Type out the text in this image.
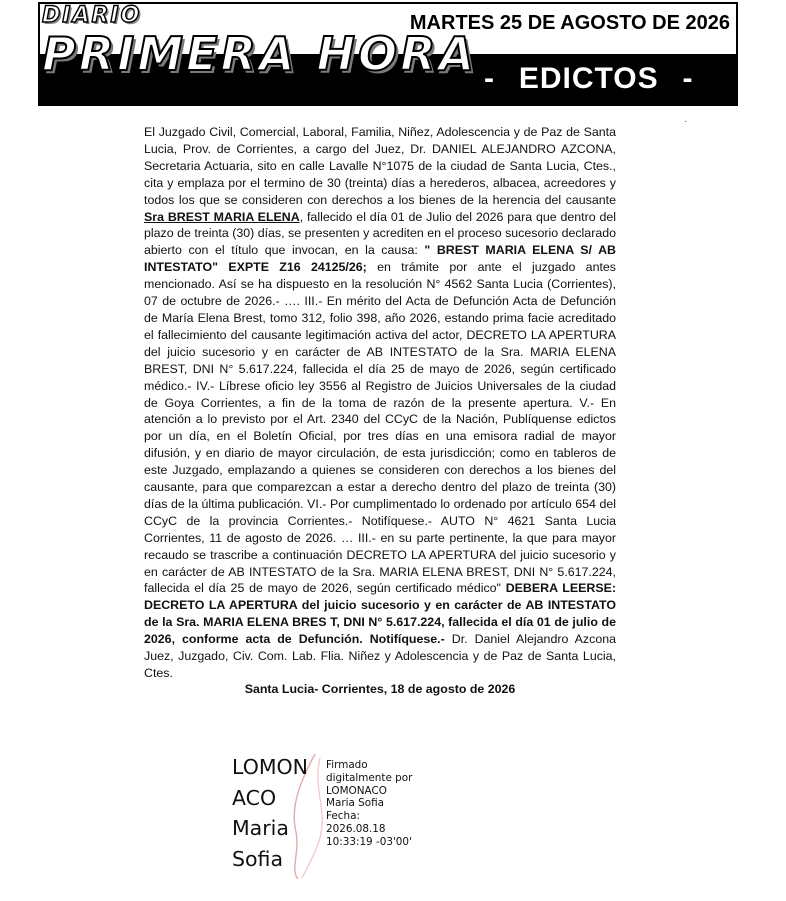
DIARIO
PRIMERA HORA
MARTES 25 DE AGOSTO DE 2026
- EDICTOS -
·

El Juzgado Civil, Comercial, Laboral, Familia, Niñez, Adolescencia y de Paz de Santa Lucia, Prov. de Corrientes, a cargo del Juez, Dr. DANIEL ALEJANDRO AZCONA, Secretaria Actuaria, sito en calle Lavalle N°1075 de la ciudad de Santa Lucia, Ctes., cita y emplaza por el termino de 30 (treinta) días a herederos, albacea, acreedores y todos los que se consideren con derechos a los bienes de la herencia del causante Sra BREST MARIA ELENA, fallecido el día 01 de Julio del 2026 para que dentro del plazo de treinta (30) días, se presenten y acrediten en el proceso sucesorio declarado abierto con el título que invocan, en la causa: " BREST MARIA ELENA S/ AB INTESTATO" EXPTE Z16 24125/26; en trámite por ante el juzgado antes mencionado. Así se ha dispuesto en la resolución N° 4562 Santa Lucia (Corrientes), 07 de octubre de 2026.- …. III.- En mérito del Acta de Defunción Acta de Defunción de María Elena Brest, tomo 312, folio 398, año 2026, estando prima facie acreditado el fallecimiento del causante legitimación activa del actor, DECRETO LA APERTURA del juicio sucesorio y en carácter de AB INTESTATO de la Sra. MARIA ELENA BREST, DNI N° 5.617.224, fallecida el día 25 de mayo de 2026, según certificado médico.- IV.- Líbrese oficio ley 3556 al Registro de Juicios Universales de la ciudad de Goya Corrientes, a fin de la toma de razón de la presente apertura. V.- En atención a lo previsto por el Art. 2340 del CCyC de la Nación, Publíquense edictos por un día, en el Boletín Oficial, por tres días en una emisora radial de mayor difusión, y en diario de mayor circulación, de esta jurisdicción; como en tableros de este Juzgado, emplazando a quienes se consideren con derechos a los bienes del causante, para que comparezcan a estar a derecho dentro del plazo de treinta (30) días de la última publicación. VI.- Por cumplimentado lo ordenado por artículo 654 del CCyC de la provincia Corrientes.- Notifíquese.- AUTO N° 4621 Santa Lucia Corrientes, 11 de agosto de 2026. … III.- en su parte pertinente, la que para mayor recaudo se trascribe a continuación DECRETO LA APERTURA del juicio sucesorio y en carácter de AB INTESTATO de la Sra. MARIA ELENA BREST, DNI N° 5.617.224, fallecida el día 25 de mayo de 2026, según certificado médico" DEBERA LEERSE: DECRETO LA APERTURA del juicio sucesorio y en carácter de AB INTESTATO de la Sra. MARIA ELENA BRES T, DNI N° 5.617.224, fallecida el día 01 de julio de 2026, conforme acta de Defunción. Notifíquese.- Dr. Daniel Alejandro Azcona Juez, Juzgado, Civ. Com. Lab. Flia. Niñez y Adolescencia y de Paz de Santa Lucia, Ctes.

Santa Lucia- Corrientes, 18 de agosto de 2026
LOMON
ACO
Maria
Sofia
Firmado
digitalmente por
LOMONACO
Maria Sofia
Fecha:
2026.08.18
10:33:19 -03'00'
